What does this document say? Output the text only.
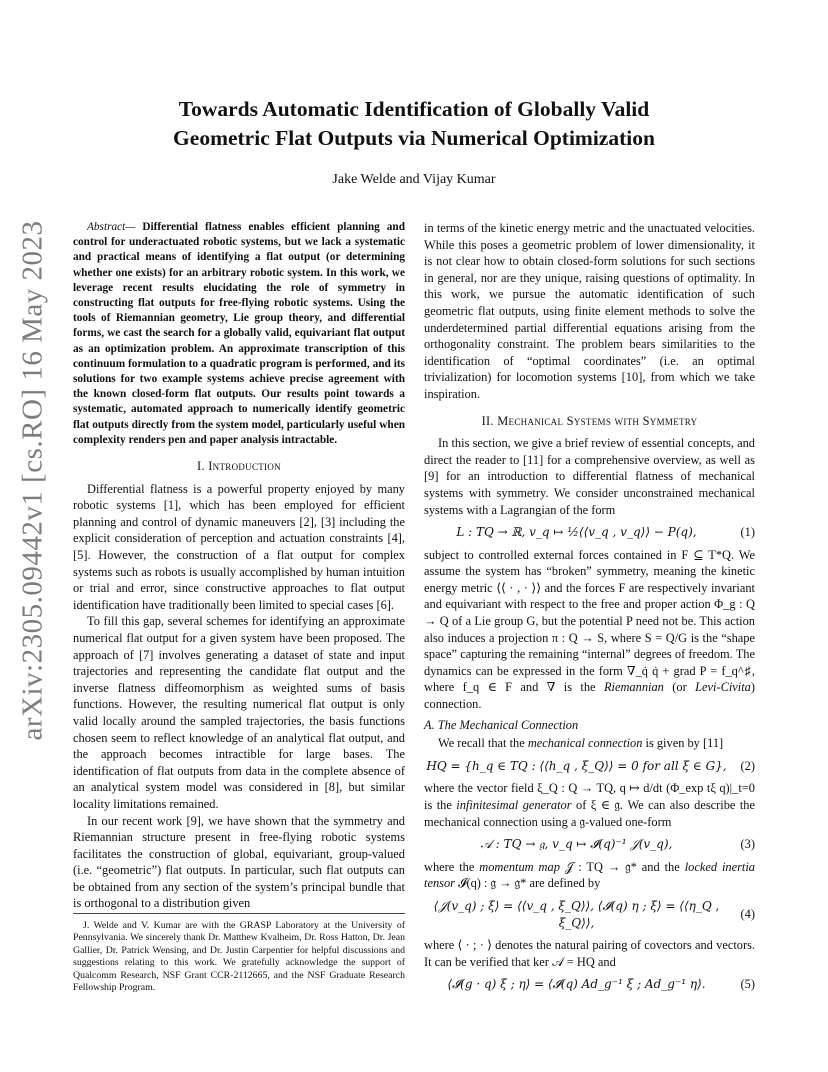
arXiv:2305.09442v1 [cs.RO] 16 May 2023
Towards Automatic Identification of Globally Valid
Geometric Flat Outputs via Numerical Optimization
Jake Welde and Vijay Kumar

Abstract— Differential flatness enables efficient planning and control for underactuated robotic systems, but we lack a systematic and practical means of identifying a flat output (or determining whether one exists) for an arbitrary robotic system. In this work, we leverage recent results elucidating the role of symmetry in constructing flat outputs for free-flying robotic systems. Using the tools of Riemannian geometry, Lie group theory, and differential forms, we cast the search for a globally valid, equivariant flat output as an optimization problem. An approximate transcription of this continuum formulation to a quadratic program is performed, and its solutions for two example systems achieve precise agreement with the known closed-form flat outputs. Our results point towards a systematic, automated approach to numerically identify geometric flat outputs directly from the system model, particularly useful when complexity renders pen and paper analysis intractable.

I. Introduction

Differential flatness is a powerful property enjoyed by many robotic systems [1], which has been employed for efficient planning and control of dynamic maneuvers [2], [3] including the explicit consideration of perception and actuation constraints [4], [5]. However, the construction of a flat output for complex systems such as robots is usually accomplished by human intuition or trial and error, since constructive approaches to flat output identification have traditionally been limited to special cases [6].

To fill this gap, several schemes for identifying an approximate numerical flat output for a given system have been proposed. The approach of [7] involves generating a dataset of state and input trajectories and representing the candidate flat output and the inverse flatness diffeomorphism as weighted sums of basis functions. However, the resulting numerical flat output is only valid locally around the sampled trajectories, the basis functions chosen seem to reflect knowledge of an analytical flat output, and the approach becomes intractible for large bases. The identification of flat outputs from data in the complete absence of an analytical system model was considered in [8], but similar locality limitations remained.

In our recent work [9], we have shown that the symmetry and Riemannian structure present in free-flying robotic systems facilitates the construction of global, equivariant, group-valued (i.e. “geometric”) flat outputs. In particular, such flat outputs can be obtained from any section of the system’s principal bundle that is orthogonal to a distribution given

J. Welde and V. Kumar are with the GRASP Laboratory at the University of Pennsylvania. We sincerely thank Dr. Matthew Kvalheim, Dr. Ross Hatton, Dr. Jean Gallier, Dr. Patrick Wensing, and Dr. Justin Carpentier for helpful discussions and suggestions relating to this work. We gratefully acknowledge the support of Qualcomm Research, NSF Grant CCR-2112665, and the NSF Graduate Research Fellowship Program.

in terms of the kinetic energy metric and the unactuated velocities. While this poses a geometric problem of lower dimensionality, it is not clear how to obtain closed-form solutions for such sections in general, nor are they unique, raising questions of optimality. In this work, we pursue the automatic identification of such geometric flat outputs, using finite element methods to solve the underdetermined partial differential equations arising from the orthogonality constraint. The problem bears similarities to the identification of “optimal coordinates” (i.e. an optimal trivialization) for locomotion systems [10], from which we take inspiration.

II. Mechanical Systems with Symmetry

In this section, we give a brief review of essential concepts, and direct the reader to [11] for a comprehensive overview, as well as [9] for an introduction to differential flatness of mechanical systems with symmetry. We consider unconstrained mechanical systems with a Lagrangian of the form

L : TQ → ℝ, v_q ↦ ½⟨⟨v_q , v_q⟩⟩ − P(q),	(1)

subject to controlled external forces contained in F ⊆ T*Q. We assume the system has “broken” symmetry, meaning the kinetic energy metric ⟨⟨ · , · ⟩⟩ and the forces F are respectively invariant and equivariant with respect to the free and proper action Φ_g : Q → Q of a Lie group G, but the potential P need not be. This action also induces a projection π : Q → S, where S = Q/G is the “shape space” capturing the remaining “internal” degrees of freedom. The dynamics can be expressed in the form ∇_q̇ q̇ + grad P = f_q^♯, where f_q ∈ F and ∇ is the Riemannian (or Levi-Civita) connection.

A. The Mechanical Connection

We recall that the mechanical connection is given by [11]

HQ = {h_q ∈ TQ : ⟨⟨h_q , ξ_Q⟩⟩ = 0 for all ξ ∈ G},	(2)

where the vector field ξ_Q : Q → TQ, q ↦ d/dt (Φ_exp tξ q)|_t=0 is the infinitesimal generator of ξ ∈ 𝔤. We can also describe the mechanical connection using a 𝔤-valued one-form

𝒜 : TQ → 𝔤, v_q ↦ 𝓘(q)⁻¹ 𝒥(v_q),	(3)

where the momentum map 𝒥 : TQ → 𝔤* and the locked inertia tensor 𝓘(q) : 𝔤 → 𝔤* are defined by

⟨𝒥(v_q) ; ξ⟩ = ⟨⟨v_q , ξ_Q⟩⟩, ⟨𝓘(q) η ; ξ⟩ = ⟨⟨η_Q , ξ_Q⟩⟩,
(4)

where ⟨ · ; · ⟩ denotes the natural pairing of covectors and vectors. It can be verified that ker 𝒜 = HQ and

⟨𝓘(g · q) ξ ; η⟩ = ⟨𝓘(q) Ad_g⁻¹ ξ ; Ad_g⁻¹ η⟩.	(5)
